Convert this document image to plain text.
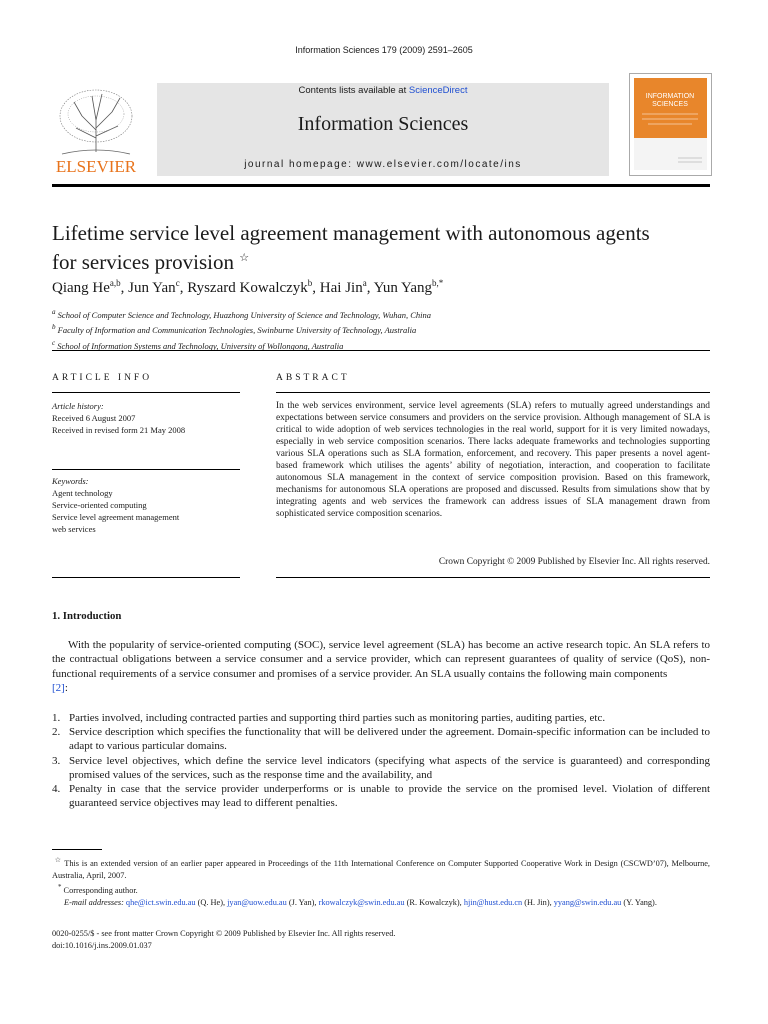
Information Sciences 179 (2009) 2591–2605
ELSEVIER
Contents lists available at ScienceDirect
Information Sciences
journal homepage: www.elsevier.com/locate/ins
INFORMATION
SCIENCES
Lifetime service level agreement management with autonomous agents
for services provision ☆
Qiang He$^{a,b}$, Jun Yan$^c$, Ryszard Kowalczyk$^b$, Hai Jin$^a$, Yun Yang$^{b,*}$
$^a$ School of Computer Science and Technology, Huazhong University of Science and Technology, Wuhan, China
$^b$ Faculty of Information and Communication Technologies, Swinburne University of Technology, Australia
$^c$ School of Information Systems and Technology, University of Wollongong, Australia
ARTICLE INFO
Article history:
Received 6 August 2007
Received in revised form 21 May 2008
Keywords:
Agent technology
Service-oriented computing
Service level agreement management
web services
ABSTRACT
In the web services environment, service level agreements (SLA) refers to mutually agreed understandings and expectations between service consumers and providers on the service provision. Although management of SLA is critical to wide adoption of web services technologies in the real world, support for it is very limited nowadays, especially in web service composition scenarios. There lacks adequate frameworks and technologies supporting various SLA operations such as SLA formation, enforcement, and recovery. This paper presents a novel agent-based framework which utilises the agents’ ability of negotiation, interaction, and cooperation to facilitate autonomous SLA management in the context of service composition provision. Based on this framework, mechanisms for autonomous SLA operations are proposed and discussed. Results from simulations show that by integrating agents and web services the framework can address issues of SLA management drawn from sophisticated service composition scenarios.
Crown Copyright © 2009 Published by Elsevier Inc. All rights reserved.
1. Introduction
With the popularity of service-oriented computing (SOC), service level agreement (SLA) has become an active research topic. An SLA refers to the contractual obligations between a service consumer and a service provider, which can represent guarantees of quality of service (QoS), non-functional requirements of a service consumer and promises of a service provider. An SLA usually contains the following main components
[2]:
1. Parties involved, including contracted parties and supporting third parties such as monitoring parties, auditing parties, etc.
2. Service description which specifies the functionality that will be delivered under the agreement. Domain-specific information can be included to adapt to various particular domains.
3. Service level objectives, which define the service level indicators (specifying what aspects of the service is guaranteed) and corresponding promised values of the services, such as the response time and the availability, and
4. Penalty in case that the service provider underperforms or is unable to provide the service on the promised level. Violation of different guaranteed service objectives may lead to different penalties.
☆ This is an extended version of an earlier paper appeared in Proceedings of the 11th International Conference on Computer Supported Cooperative Work in Design (CSCWD’07), Melbourne, Australia, April, 2007.
* Corresponding author.
E-mail addresses: qhe@ict.swin.edu.au (Q. He), jyan@uow.edu.au (J. Yan), rkowalczyk@swin.edu.au (R. Kowalczyk), hjin@hust.edu.cn (H. Jin), yyang@swin.edu.au (Y. Yang).
0020-0255/$ - see front matter Crown Copyright © 2009 Published by Elsevier Inc. All rights reserved.
doi:10.1016/j.ins.2009.01.037
